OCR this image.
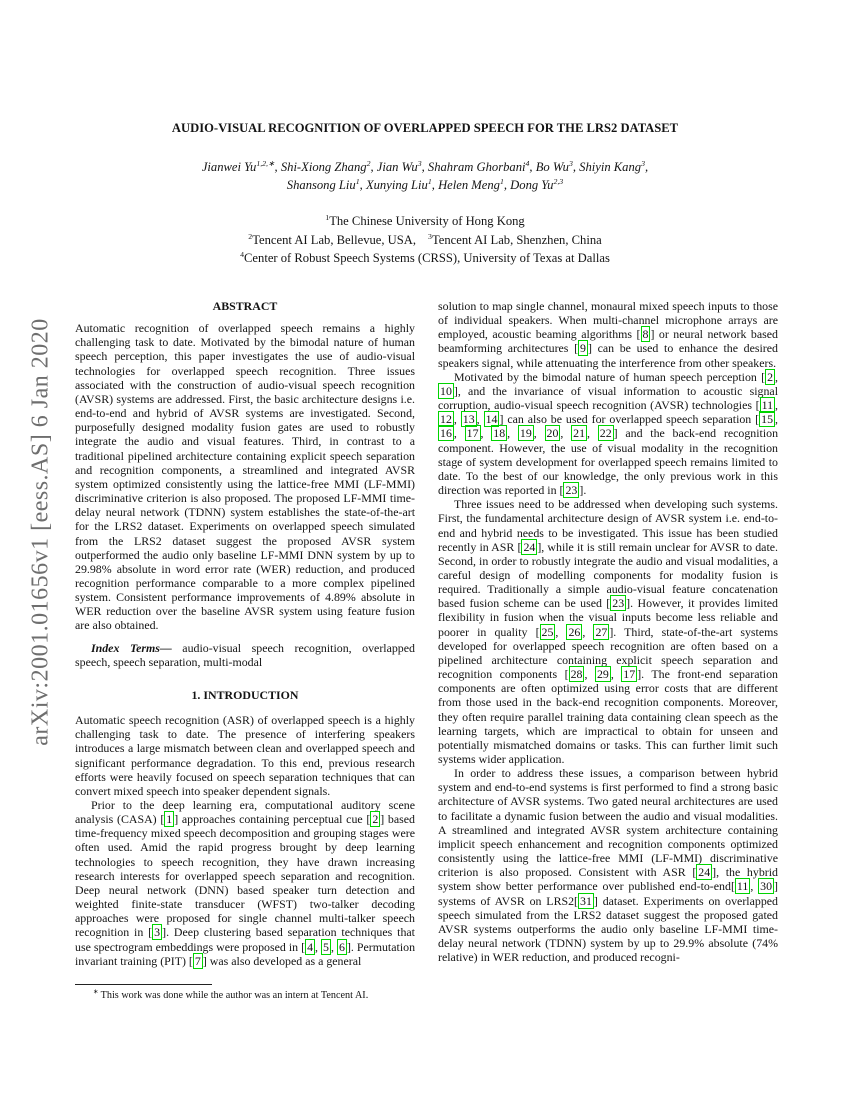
arXiv:2001.01656v1 [eess.AS] 6 Jan 2020
AUDIO-VISUAL RECOGNITION OF OVERLAPPED SPEECH FOR THE LRS2 DATASET
Jianwei $Yu^{1,2,∗}$, Shi-Xiong Zhang$^2$, Jian Wu$^3$, Shahram Ghorbani$^4$, Bo Wu$^3$, Shiyin Kang$^3$,
Shansong Liu$^1$, Xunying Liu$^1$, Helen Meng$^1$, Dong Yu$^{2,3}$
$^1$The Chinese University of Hong Kong
$^2$Tencent AI Lab, Bellevue, USA, $^3$Tencent AI Lab, Shenzhen, China
$^4$Center of Robust Speech Systems (CRSS), University of Texas at Dallas
ABSTRACT
Automatic recognition of overlapped speech remains a highly challenging task to date. Motivated by the bimodal nature of human speech perception, this paper investigates the use of audio-visual technologies for overlapped speech recognition. Three issues associated with the construction of audio-visual speech recognition (AVSR) systems are addressed. First, the basic architecture designs i.e. end-to-end and hybrid of AVSR systems are investigated. Second, purposefully designed modality fusion gates are used to robustly integrate the audio and visual features. Third, in contrast to a traditional pipelined architecture containing explicit speech separation and recognition components, a streamlined and integrated AVSR system optimized consistently using the lattice-free MMI (LF-MMI) discriminative criterion is also proposed. The proposed LF-MMI time-delay neural network (TDNN) system establishes the state-of-the-art for the LRS2 dataset. Experiments on overlapped speech simulated from the LRS2 dataset suggest the proposed AVSR system outperformed the audio only baseline LF-MMI DNN system by up to 29.98% absolute in word error rate (WER) reduction, and produced recognition performance comparable to a more complex pipelined system. Consistent performance improvements of 4.89% absolute in WER reduction over the baseline AVSR system using feature fusion are also obtained.
Index Terms— audio-visual speech recognition, overlapped speech, speech separation, multi-modal
1. INTRODUCTION
Automatic speech recognition (ASR) of overlapped speech is a highly challenging task to date. The presence of interfering speakers introduces a large mismatch between clean and overlapped speech and significant performance degradation. To this end, previous research efforts were heavily focused on speech separation techniques that can convert mixed speech into speaker dependent signals.
Prior to the deep learning era, computational auditory scene analysis (CASA) [ 1 ] approaches containing perceptual cue [ 2 ] based time-frequency mixed speech decomposition and grouping stages were often used. Amid the rapid progress brought by deep learning technologies to speech recognition, they have drawn increasing research interests for overlapped speech separation and recognition. Deep neural network (DNN) based speaker turn detection and weighted finite-state transducer (WFST) two-talker decoding approaches were proposed for single channel multi-talker speech recognition in [ 3 ]. Deep clustering based separation techniques that use spectrogram embeddings were proposed in [ 4 , 5 , 6 ]. Permutation invariant training (PIT) [ 7 ] was also developed as a general
solution to map single channel, monaural mixed speech inputs to those of individual speakers. When multi-channel microphone arrays are employed, acoustic beaming algorithms [ 8 ] or neural network based beamforming architectures [ 9 ] can be used to enhance the desired speakers signal, while attenuating the interference from other speakers.
Motivated by the bimodal nature of human speech perception [ 2 , 10 ], and the invariance of visual information to acoustic signal corruption, audio-visual speech recognition (AVSR) technologies [ 11 , 12 , 13 , 14 ] can also be used for overlapped speech separation [ 15 , 16 , 17 , 18 , 19 , 20 , 21 , 22 ] and the back-end recognition component. However, the use of visual modality in the recognition stage of system development for overlapped speech remains limited to date. To the best of our knowledge, the only previous work in this direction was reported in [ 23 ].
Three issues need to be addressed when developing such systems. First, the fundamental architecture design of AVSR system i.e. end-to-end and hybrid needs to be investigated. This issue has been studied recently in ASR [ 24 ], while it is still remain unclear for AVSR to date. Second, in order to robustly integrate the audio and visual modalities, a careful design of modelling components for modality fusion is required. Traditionally a simple audio-visual feature concatenation based fusion scheme can be used [ 23 ]. However, it provides limited flexibility in fusion when the visual inputs become less reliable and poorer in quality [ 25 , 26 , 27 ]. Third, state-of-the-art systems developed for overlapped speech recognition are often based on a pipelined architecture containing explicit speech separation and recognition components [ 28 , 29 , 17 ]. The front-end separation components are often optimized using error costs that are different from those used in the back-end recognition components. Moreover, they often require parallel training data containing clean speech as the learning targets, which are impractical to obtain for unseen and potentially mismatched domains or tasks. This can further limit such systems wider application.
In order to address these issues, a comparison between hybrid system and end-to-end systems is first performed to find a strong basic architecture of AVSR systems. Two gated neural architectures are used to facilitate a dynamic fusion between the audio and visual modalities. A streamlined and integrated AVSR system architecture containing implicit speech enhancement and recognition components optimized consistently using the lattice-free MMI (LF-MMI) discriminative criterion is also proposed. Consistent with ASR [ 24 ], the hybrid system show better performance over published end-to-end[ 11 , 30 ] systems of AVSR on LRS2[ 31 ] dataset. Experiments on overlapped speech simulated from the LRS2 dataset suggest the proposed gated AVSR systems outperforms the audio only baseline LF-MMI time-delay neural network (TDNN) system by up to 29.9% absolute (74% relative) in WER reduction, and produced recogni-
∗ This work was done while the author was an intern at Tencent AI.
